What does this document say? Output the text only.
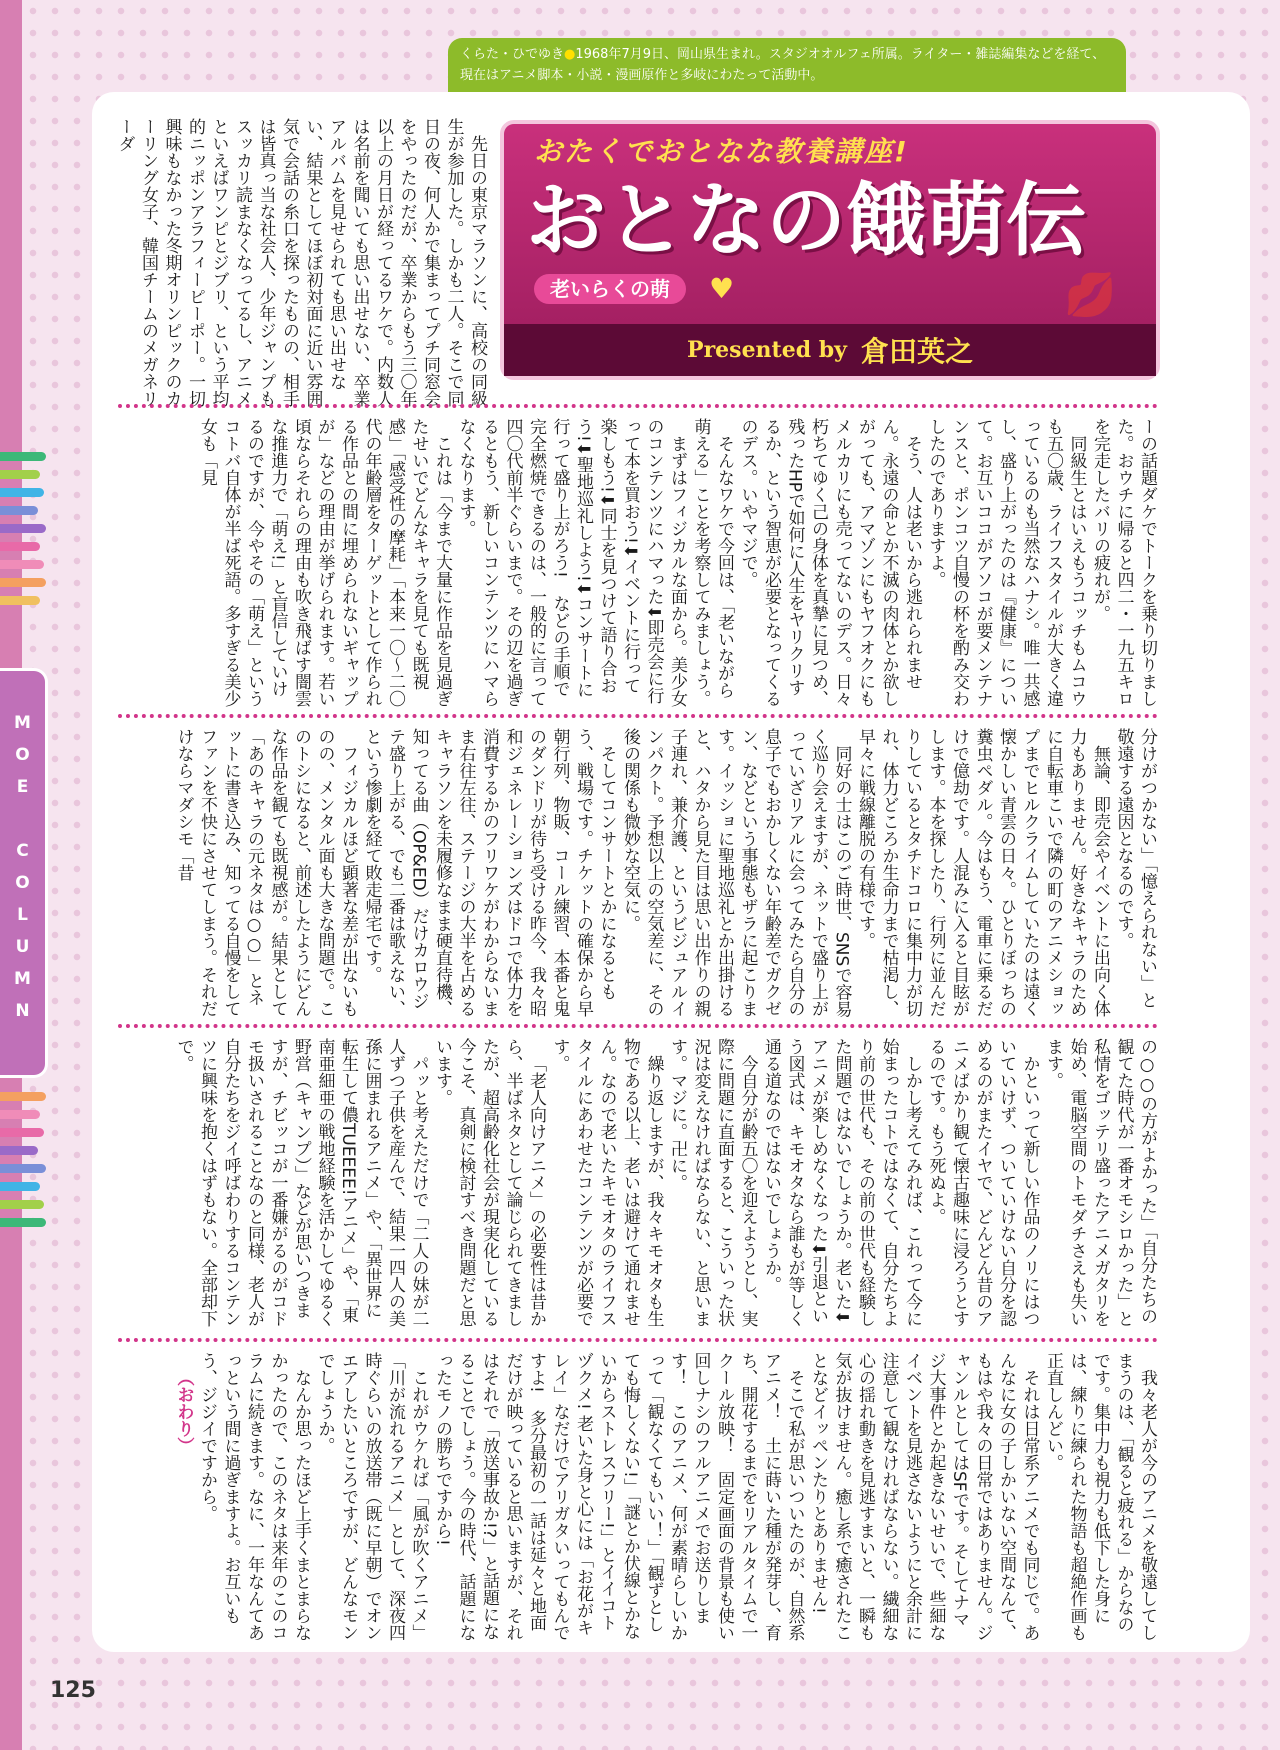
MOE COLUMN
くらた・ひでゆき●1968年7月9日、岡山県生まれ。スタジオオルフェ所属。ライター・雑誌編集などを経て、現在はアニメ脚本・小説・漫画原作と多岐にわたって活動中。
おたくでおとなな教養講座!
おとなの餓萌伝
老いらくの萌	♥	💋
Presented by 倉田英之

先日の東京マラソンに、高校の同級生が参加した。しかも二人。そこで同日の夜、何人かで集まってプチ同窓会をやったのだが、卒業からもう三〇年以上の月日が経ってるワケで。内数人は名前を聞いても思い出せない、卒業アルバムを見せられても思い出せない、結果としてほぼ初対面に近い雰囲気で会話の糸口を探ったものの、相手は皆真っ当な社会人、少年ジャンプもスッカリ読まなくなってるし、アニメといえばワンピとジブリ、という平均的ニッポンアラフィーピーポー。一切興味もなかった冬期オリンピックのカーリング女子、韓国チームのメガネリーダ

ーの話題ダケでトークを乗り切りました。おウチに帰ると四二・一九五キロを完走したバリの疲れが。

同級生とはいえもうコッチもムコウも五〇歳、ライフスタイルが大きく違っているのも当然なハナシ。唯一共感し、盛り上がったのは『健康』について。お互いココがアソコが要メンテナンスと、ポンコツ自慢の杯を酌み交わしたのでありますよ。

そう、人は老いから逃れられません。永遠の命とか不滅の肉体とか欲しがっても、アマゾンにもヤフオクにもメルカリにも売ってないのデス。日々朽ちてゆく己の身体を真摯に見つめ、残ったHPで如何に人生をヤリクリするか、という智恵が必要となってくるのデス。いやマジで。

そんなワケで今回は、「老いながら萌える」ことを考察してみましょう。

まずはフィジカルな面から。美少女のコンテンツにハマった⬇即売会に行って本を買おう!⬇イベントに行って楽しもう!⬇同士を見つけて語り合おう!⬇聖地巡礼しよう!⬇コンサートに行って盛り上がろう!　などの手順で完全燃焼できるのは、一般的に言って四〇代前半ぐらいまで。その辺を過ぎるともう、新しいコンテンツにハマらなくなります。

これは「今まで大量に作品を見過ぎたせいでどんなキャラを見ても既視感」「感受性の摩耗」「本来一〇〜二〇代の年齢層をターゲットとして作られる作品との間に埋められないギャップが」などの理由が挙げられます。若い頃ならそれらの理由も吹き飛ばす闇雲な推進力で「萌え!」と盲信していけるのですが、今やその「萌え」というコトバ自体が半ば死語。多すぎる美少女も「見

分けがつかない」「憶えられない」と敬遠する遠因となるのです。

無論、即売会やイベントに出向く体力もありません。好きなキャラのために自転車こいで隣の町のアニメショップまでヒルクライムしていたのは遠く懐かしい青雲の日々。ひとりぼっちの糞虫ペダル。今はもう、電車に乗るだけで億劫です。人混みに入ると目眩がします。本を探したり、行列に並んだりしているとタチドコロに集中力が切れ、体力どころか生命力まで枯渇し、早々に戦線離脱の有様です。

同好の士はこのご時世、SNSで容易く巡り会えますが、ネットで盛り上がっていざリアルに会ってみたら自分の息子でもおかしくない年齢差でガクゼン、などという事態もザラに起こります。イッショに聖地巡礼とか出掛けると、ハタから見た目は思い出作りの親子連れ、兼介護、というビジュアルインパクト。予想以上の空気差に、その後の関係も微妙な空気に。

そしてコンサートとかになるともう、戦場です。チケットの確保から早朝行列、物販、コール練習、本番と鬼のダンドリが待ち受ける昨今、我々昭和ジェネレーションズはドコで体力を消費するかのフリワケがわからないまま右往左往、ステージの大半を占めるキャラソンを未履修なまま硬直待機、知ってる曲（OP&ED）だけカロウジテ盛り上がる、でも二番は歌えない、という惨劇を経て敗走帰宅です。

フィジカルほど顕著な差が出ないものの、メンタル面も大きな問題で。このトシになると、前述したようにどんな作品を観ても既視感が。結果として「あのキャラの元ネタは○○」とネットに書き込み、知ってる自慢をしてファンを不快にさせてしまう。それだけならマダシモ「昔

の○○の方がよかった」「自分たちの観てた時代が一番オモシロかった」と私情をゴッテリ盛ったアニメガタリを始め、電脳空間のトモダチさえも失います。

かといって新しい作品のノリにはついていけず、ついていけない自分を認めるのがまたイヤで、どんどん昔のアニメばかり観て懐古趣味に浸ろうとするのです。もう死ぬよ。

しかし考えてみれば、これって今に始まったコトではなくて、自分たちより前の世代も、その前の世代も経験した問題ではないでしょうか。老いた⬇アニメが楽しめなくなった⬇引退という図式は、キモオタなら誰もが等しく通る道なのではないでしょうか。

今自分が齢五〇を迎えようとし、実際に問題に直面すると、こういった状況は変えなければならない、と思います。マジに。卍に。

繰り返しますが、我々キモオタも生物である以上、老いは避けて通れません。なので老いたキモオタのライフスタイルにあわせたコンテンツが必要です。

「老人向けアニメ」の必要性は昔から、半ばネタとして論じられてきましたが、超高齢化社会が現実化している今こそ、真剣に検討すべき問題だと思います。

パッと考えただけで「二人の妹が二人ずつ子供を産んで、結果一四人の美孫に囲まれるアニメ」や、「異世界に転生して儂TUEEEE!アニメ」や、「東南亜細亜の戦地経験を活かしてゆるく野営（キャンプ）」などが思いつきますが、チビッコが一番嫌がるのがコドモ扱いされることなのと同様、老人が自分たちをジイ呼ばわりするコンテンツに興味を抱くはずもない。全部却下で。

我々老人が今のアニメを敬遠してしまうのは、「観ると疲れる」からなのです。集中力も視力も低下した身には、練りに練られた物語も超絶作画も正直しんどい。

それは日常系アニメでも同じで。あんなに女の子しかいない空間なんて、もはや我々の日常ではありません。ジャンルとしてはSFです。そしてナマジ大事件とか起きないせいで、些細なイベントを見逃さないようにと余計に注意して観なければならない。繊細な心の揺れ動きを見逃すまいと、一瞬も気が抜けません。癒し系で癒されたことなどイッペンたりとありません!

そこで私が思いついたのが、自然系アニメ！　土に蒔いた種が発芽し、育ち、開花するまでをリアルタイムで一クール放映！　固定画面の背景も使い回しナシのフルアニメでお送りします！　このアニメ、何が素晴らしいかって「観なくてもいい！」「観ずとしても悔しくない!」「謎とか伏線とかないからストレスフリー!」とイイコトヅクメ! 老いた身と心には「お花がキレイ」なだけでアリガタいってもんですよ!　多分最初の一話は延々と地面だけが映っていると思いますが、それはそれで「放送事故か!?」と話題になることでしょう。今の時代、話題になったモノの勝ちですから!

これがウケれば「風が吹くアニメ」「川が流れるアニメ」として、深夜四時ぐらいの放送帯（既に早朝）でオンエアしたいところですが、どんなモンでしょうか。

なんか思ったほど上手くまとまらなかったので、このネタは来年のこのコラムに続きます。なに、一年なんてあっという間に過ぎますよ。お互いもう、ジジイですから。

（おわり）

125
